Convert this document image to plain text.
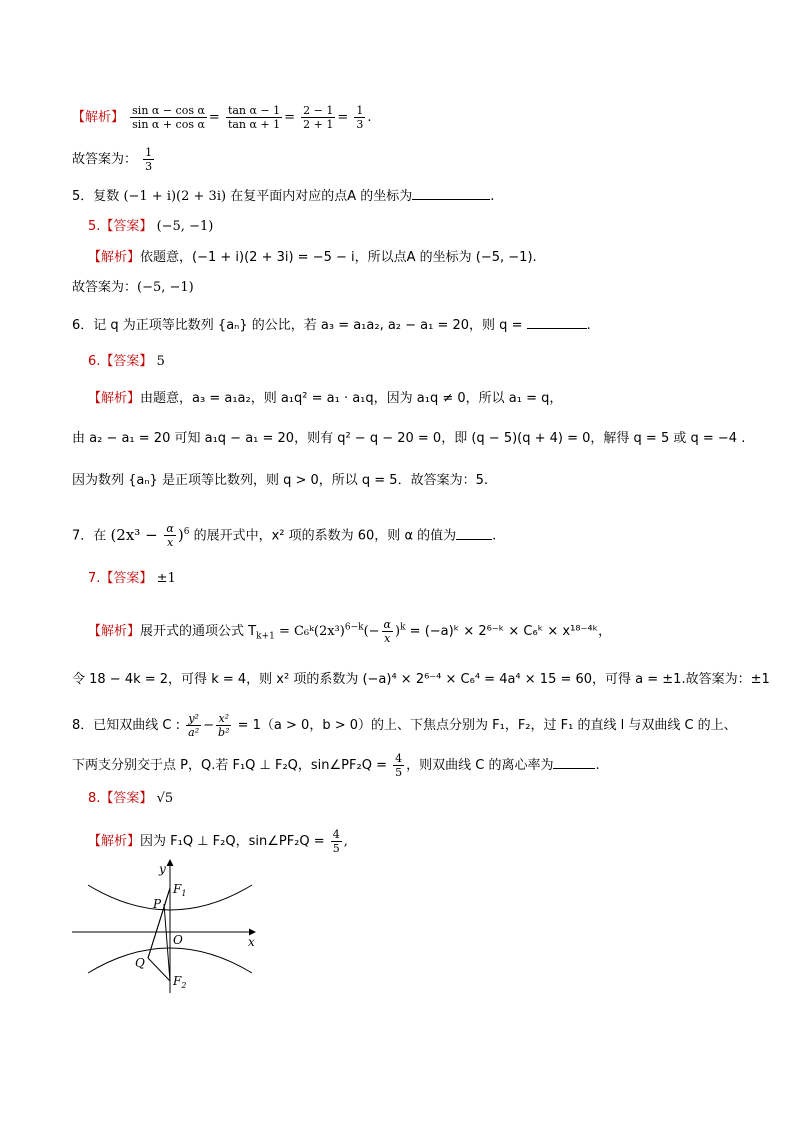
【解析】 $\frac{\text{sin α − cos α}}{\text{sin α + cos α}} = \frac{\text{tan α − 1}}{\text{tan α + 1}} = \frac{2 - 1}{2 + 1} = \frac{1}{3}$ .
故答案为： $\frac{1}{3}$
5．复数 (−1 + i)(2 + 3i) 在复平面内对应的点A 的坐标为	.
5.【答案】 (−5, −1)
【解析】依题意，(−1 + i)(2 + 3i) = −5 − i，所以点A 的坐标为 (−5, −1).
故答案为：(−5, −1)
6．记 q 为正项等比数列 {aₙ} 的公比，若 a₃ = a₁a₂, a₂ − a₁ = 20，则 q =	.
6.【答案】 5
【解析】由题意，a₃ = a₁a₂，则 a₁q² = a₁ · a₁q，因为 a₁q ≠ 0，所以 a₁ = q，
由 a₂ − a₁ = 20 可知 a₁q − a₁ = 20，则有 q² − q − 20 = 0，即 (q − 5)(q + 4) = 0，解得 q = 5 或 q = −4 .
因为数列 {aₙ} 是正项等比数列，则 q > 0，所以 q = 5．故答案为：5.
7．在 $(2x^3 - \frac{\alpha}{x} )^6$ 的展开式中，x² 项的系数为 60，则 α 的值为	.
7.【答案】 ±1
【解析】展开式的通项公式 $T_{k+1}$ = $C_6ᵏ(2x^3)^{6-k}(- \frac{\alpha}{x} )^k$ = (−a)ᵏ × 2⁶⁻ᵏ × C₆ᵏ × x¹⁸⁻⁴ᵏ，
令 18 − 4k = 2，可得 k = 4，则 x² 项的系数为 (−a)⁴ × 2⁶⁻⁴ × C₆⁴ = 4a⁴ × 15 = 60，可得 a = ±1.故答案为：±1
8．已知双曲线 C : $\frac{\text{y²}}{\text{a²}} - \frac{\text{x²}}{\text{b²}} = 1(a > 0$，b > 0）的上、下焦点分别为 F₁，F₂，过 F₁ 的直线 l 与双曲线 C 的上、
下两支分别交于点 P，Q.若 F₁Q ⊥ F₂Q，sin∠PF₂Q = $\frac{4}{5}$ ，则双曲线 C 的离心率为	.
8.【答案】 √5
【解析】因为 F₁Q ⊥ F₂Q，sin∠PF₂Q = $\frac{4}{5}$ ,
y
x
$F_1$
$F_2$
P
O
Q
